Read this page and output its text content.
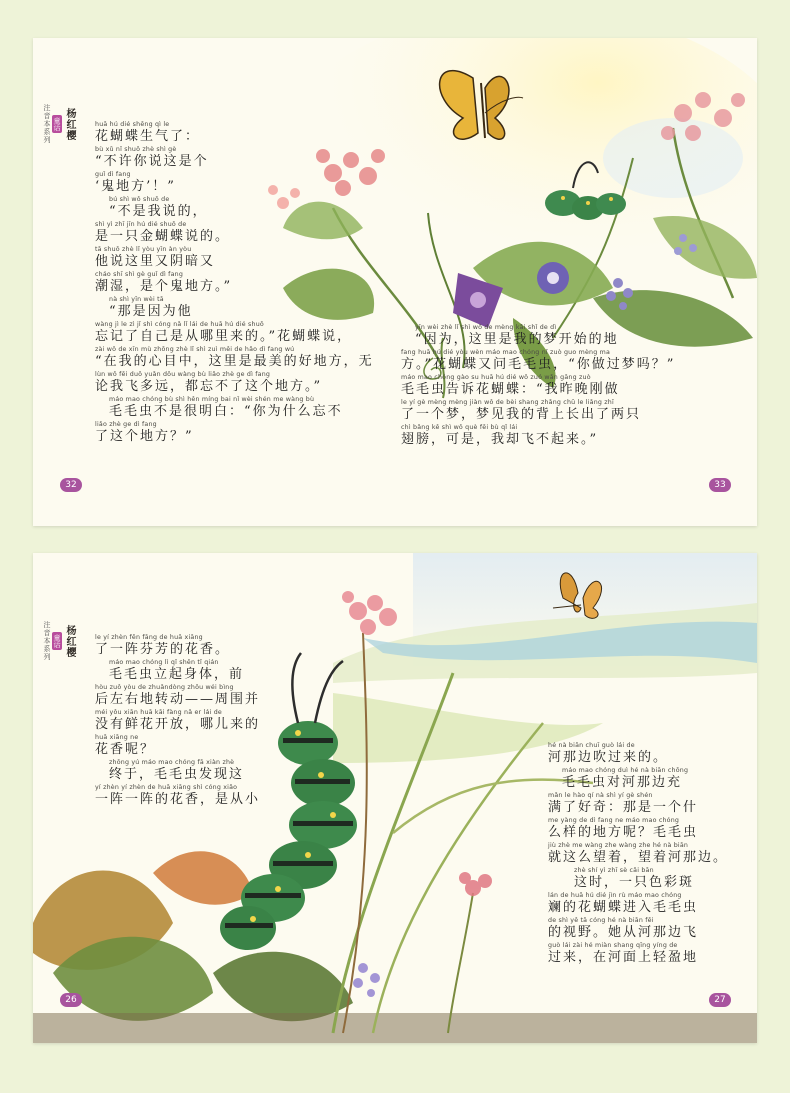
杨红樱
童话
注音本系列	huā hú dié shēng qì le
花蝴蝶生气了：
bù xǔ nǐ shuō zhè shì gè
“不许你说这是个
guǐ dì fang
‘鬼地方’！”
bú shì wǒ shuō de
“不是我说的，
shì yì zhī jīn hú dié shuō de
是一只金蝴蝶说的。
tā shuō zhè lǐ yòu yīn àn yòu
他说这里又阴暗又
cháo shī shì gè guǐ dì fang
潮湿，是个鬼地方。”
nà shì yīn wèi tā
“那是因为他
wàng jì le zì jǐ shì cóng nǎ lǐ lái de huā hú dié shuō
忘记了自己是从哪里来的。”花蝴蝶说，
zài wǒ de xīn mù zhōng zhè lǐ shì zuì měi de hǎo dì fang wú
“在我的心目中，这里是最美的好地方，无
lùn wǒ fēi duō yuǎn dōu wàng bù liǎo zhè ge dì fang
论我飞多远，都忘不了这个地方。”
máo mao chóng bù shì hěn míng bai nǐ wèi shén me wàng bù
毛毛虫不是很明白：“你为什么忘不
liǎo zhè ge dì fang
了这个地方？”
yīn wèi zhè lǐ shì wǒ de mèng kāi shǐ de dì
“因为，这里是我的梦开始的地
fang huā hú dié yòu wèn máo mao chóng nǐ zuò guo mèng ma
方。”花蝴蝶又问毛毛虫，“你做过梦吗？”
máo mao chóng gào su huā hú dié wǒ zuó wǎn gāng zuò
毛毛虫告诉花蝴蝶：“我昨晚刚做
le yí gè mèng mèng jiàn wǒ de bèi shang zhǎng chū le liǎng zhī
了一个梦，梦见我的背上长出了两只
chì bǎng kě shì wǒ què fēi bù qǐ lái
翅膀，可是，我却飞不起来。”
32	33
杨红樱
童话
注音本系列	le yí zhèn fēn fāng de huā xiāng
了一阵芬芳的花香。
máo mao chóng lì qǐ shēn tǐ qián
毛毛虫立起身体，前
hòu zuǒ yòu de zhuǎndòng zhōu wéi bìng
后左右地转动——周围并
méi yǒu xiān huā kāi fàng nǎ er lái de
没有鲜花开放，哪儿来的
huā xiāng ne
花香呢？
zhōng yú máo mao chóng fā xiàn zhè
终于，毛毛虫发现这
yí zhèn yí zhèn de huā xiāng shì cóng xiǎo
一阵一阵的花香，是从小
hé nà biān chuī guò lái de
河那边吹过来的。
máo mao chóng duì hé nà biān chōng
毛毛虫对河那边充
mǎn le hào qí nà shì yí gè shén
满了好奇：那是一个什
me yàng de dì fang ne máo mao chóng
么样的地方呢？毛毛虫
jiù zhè me wàng zhe wàng zhe hé nà biān
就这么望着，望着河那边。
zhè shí yì zhī sè cǎi bān
这时，一只色彩斑
lán de huā hú dié jìn rù máo mao chóng
斓的花蝴蝶进入毛毛虫
de shì yě tā cóng hé nà biān fēi
的视野。她从河那边飞
guò lái zài hé miàn shang qīng yíng de
过来，在河面上轻盈地
26	27
